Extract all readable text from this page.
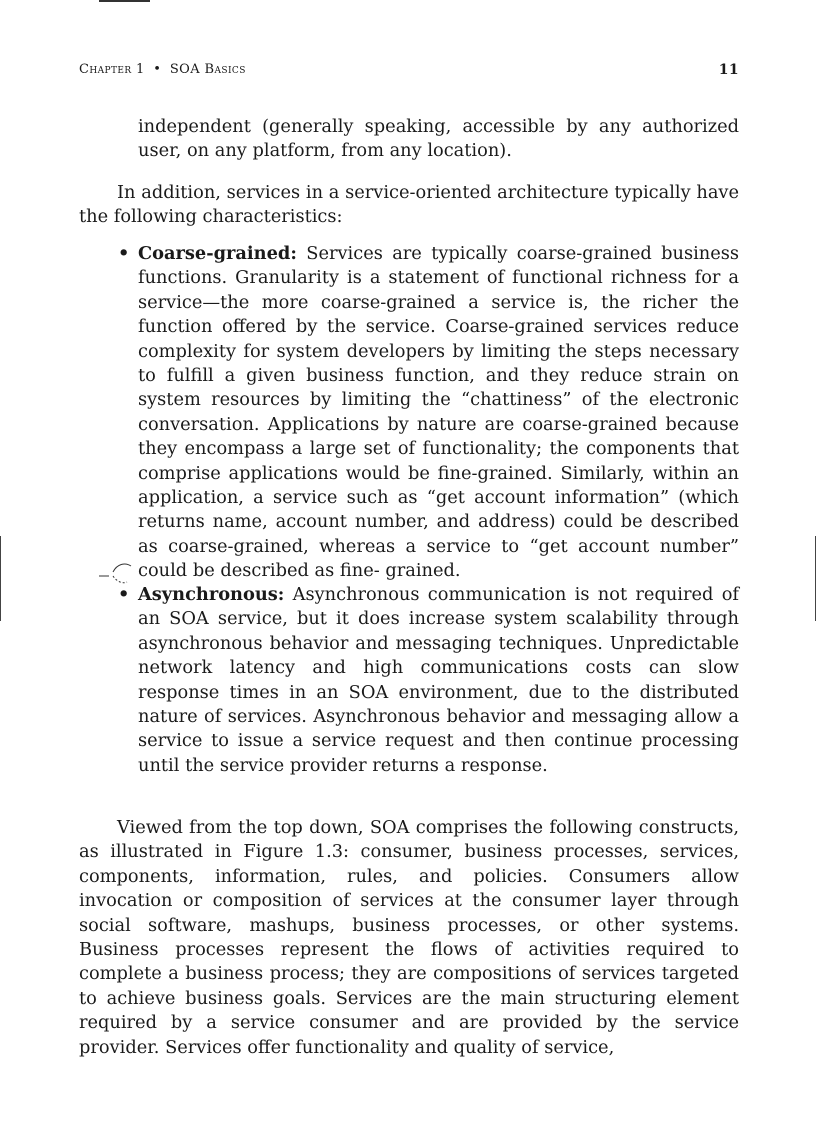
Chapter 1 • SOA Basics	11

independent (generally speaking, accessible by any authorized user, on any platform, from any location).

In addition, services in a service-oriented architecture typically have the following characteristics:

• Coarse-grained: Services are typically coarse-grained business functions. Granularity is a statement of functional richness for a service—the more coarse-grained a service is, the richer the function offered by the service. Coarse-grained services reduce complexity for system developers by limiting the steps necessary to fulfill a given business function, and they reduce strain on system resources by limiting the “chattiness” of the electronic conversation. Applications by nature are coarse-grained because they encompass a large set of functionality; the components that comprise applications would be fine-grained. Similarly, within an application, a service such as “get account information” (which returns name, account number, and address) could be described as coarse-grained, whereas a service to “get account number” could be described as fine- grained.

• Asynchronous: Asynchronous communication is not required of an SOA service, but it does increase system scalability through asynchronous behavior and messaging techniques. Unpredictable network latency and high communications costs can slow response times in an SOA environment, due to the distributed nature of services. Asynchronous behavior and messaging allow a service to issue a service request and then continue processing until the service provider returns a response.

Viewed from the top down, SOA comprises the following constructs, as illustrated in Figure 1.3: consumer, business processes, services, components, information, rules, and policies. Consumers allow invocation or composition of services at the consumer layer through social software, mashups, business processes, or other systems. Business processes represent the flows of activities required to complete a business process; they are compositions of services targeted to achieve business goals. Services are the main structuring element required by a service consumer and are provided by the service provider. Services offer functionality and quality of service,
